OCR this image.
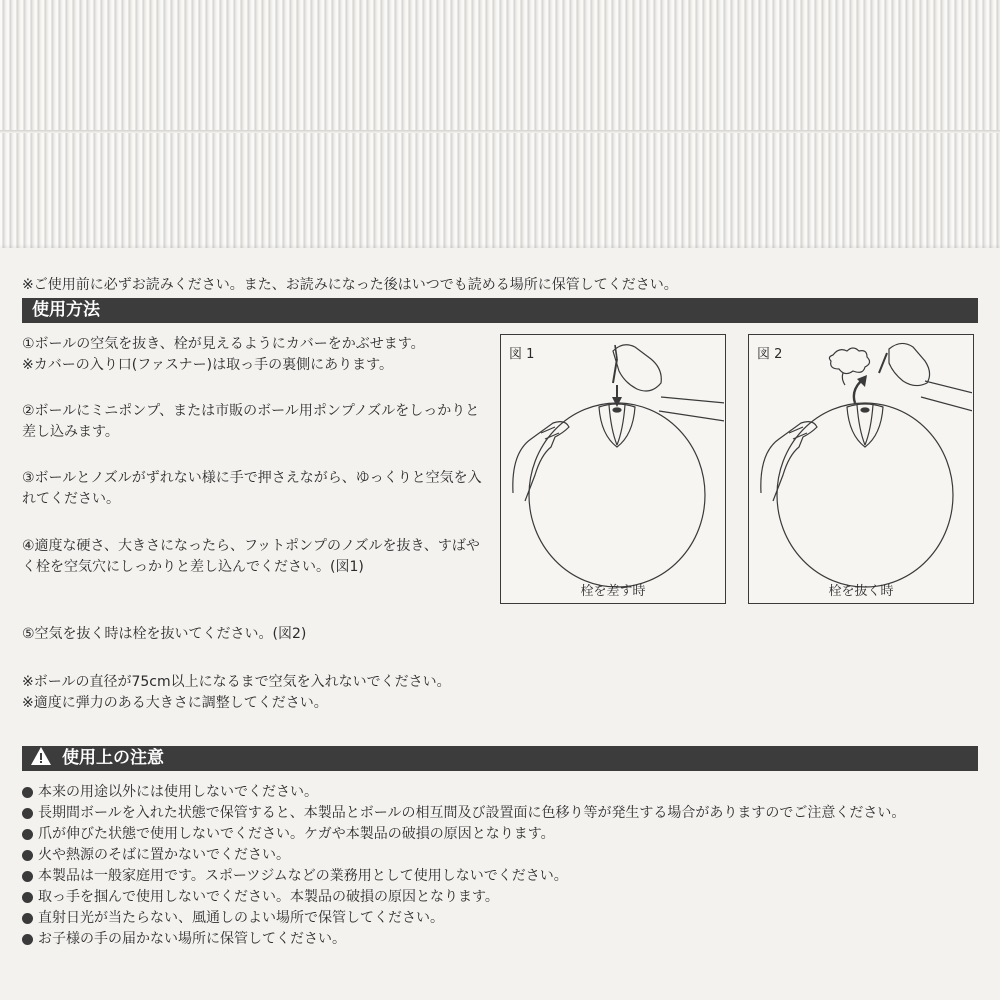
※ご使用前に必ずお読みください。また、お読みになった後はいつでも読める場所に保管してください。
使用方法
①ボールの空気を抜き、栓が見えるようにカバーをかぶせます。
※カバーの入り口(ファスナー)は取っ手の裏側にあります。
②ボールにミニポンプ、または市販のボール用ポンプノズルをしっかりと差し込みます。
③ボールとノズルがずれない様に手で押さえながら、ゆっくりと空気を入れてください。
④適度な硬さ、大きさになったら、フットポンプのノズルを抜き、すばやく栓を空気穴にしっかりと差し込んでください。(図1)
⑤空気を抜く時は栓を抜いてください。(図2)
※ボールの直径が75cm以上になるまで空気を入れないでください。
※適度に弾力のある大きさに調整してください。
図 1
栓を差す時
図 2
栓を抜く時
使用上の注意
本来の用途以外には使用しないでください。
長期間ボールを入れた状態で保管すると、本製品とボールの相互間及び設置面に色移り等が発生する場合がありますのでご注意ください。
爪が伸びた状態で使用しないでください。ケガや本製品の破損の原因となります。
火や熱源のそばに置かないでください。
本製品は一般家庭用です。スポーツジムなどの業務用として使用しないでください。
取っ手を掴んで使用しないでください。本製品の破損の原因となります。
直射日光が当たらない、風通しのよい場所で保管してください。
お子様の手の届かない場所に保管してください。
